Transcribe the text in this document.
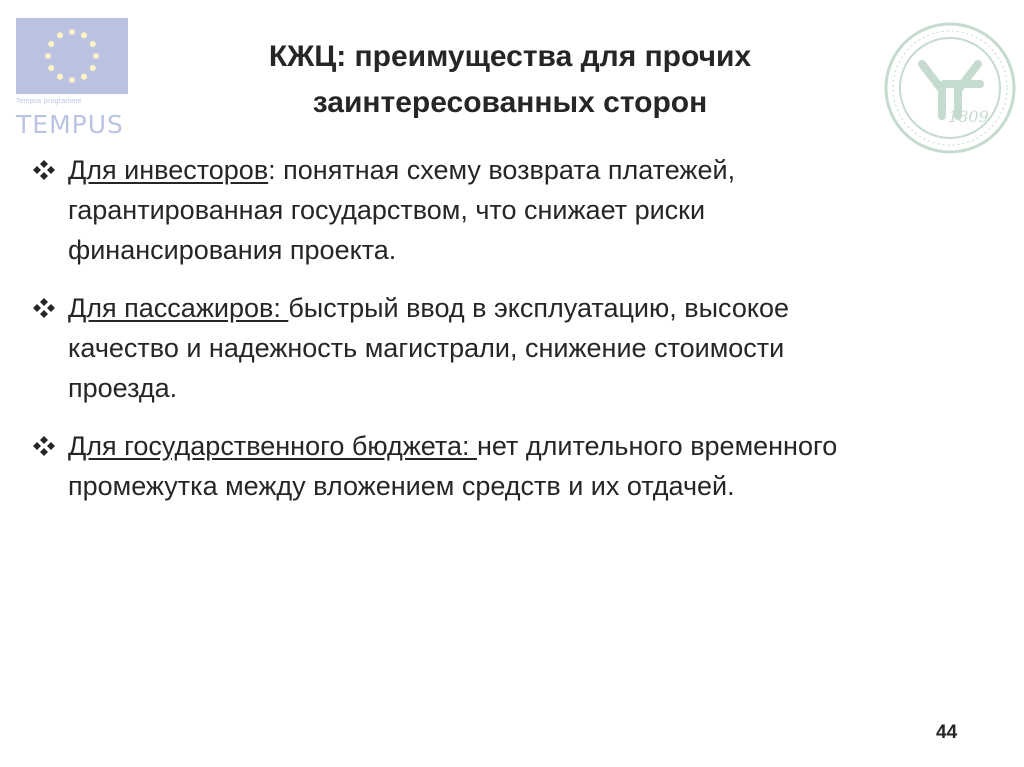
Tempus programme
TEMPUS	1809
КЖЦ: преимущества для прочих
заинтересованных сторон
Для инвесторов: понятная схему возврата платежей,
гарантированная государством, что снижает риски
финансирования проекта.
Для пассажиров: быстрый ввод в эксплуатацию, высокое
качество и надежность магистрали, снижение стоимости
проезда.
Для государственного бюджета: нет длительного временного
промежутка между вложением средств и их отдачей.
44
